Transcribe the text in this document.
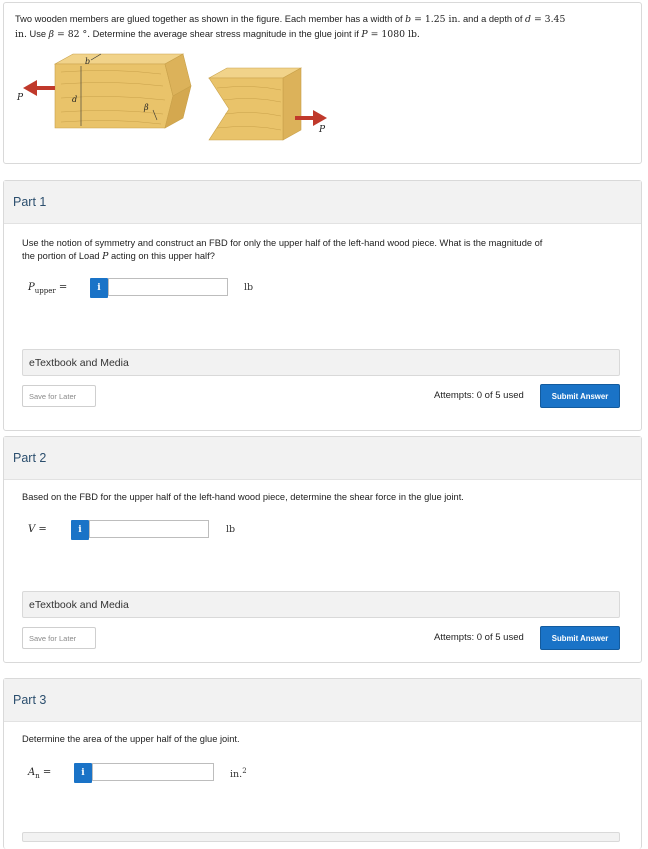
Two wooden members are glued together as shown in the figure. Each member has a width of b = 1.25 in. and a depth of d = 3.45
in. Use β = 82 °. Determine the average shear stress magnitude in the glue joint if P = 1080 lb.
P
P
b
d
β
Part 1
Use the notion of symmetry and construct an FBD for only the upper half of the left-hand wood piece. What is the magnitude of
the portion of Load P acting on this upper half?
$P_{upper}$ =	i	lb
eTextbook and Media
Save for Later	Attempts: 0 of 5 used	Submit Answer
Part 2
Based on the FBD for the upper half of the left-hand wood piece, determine the shear force in the glue joint.
V =	i	lb
eTextbook and Media
Save for Later	Attempts: 0 of 5 used	Submit Answer
Part 3
Determine the area of the upper half of the glue joint.
$A_n$ =	i	in.$^2$
